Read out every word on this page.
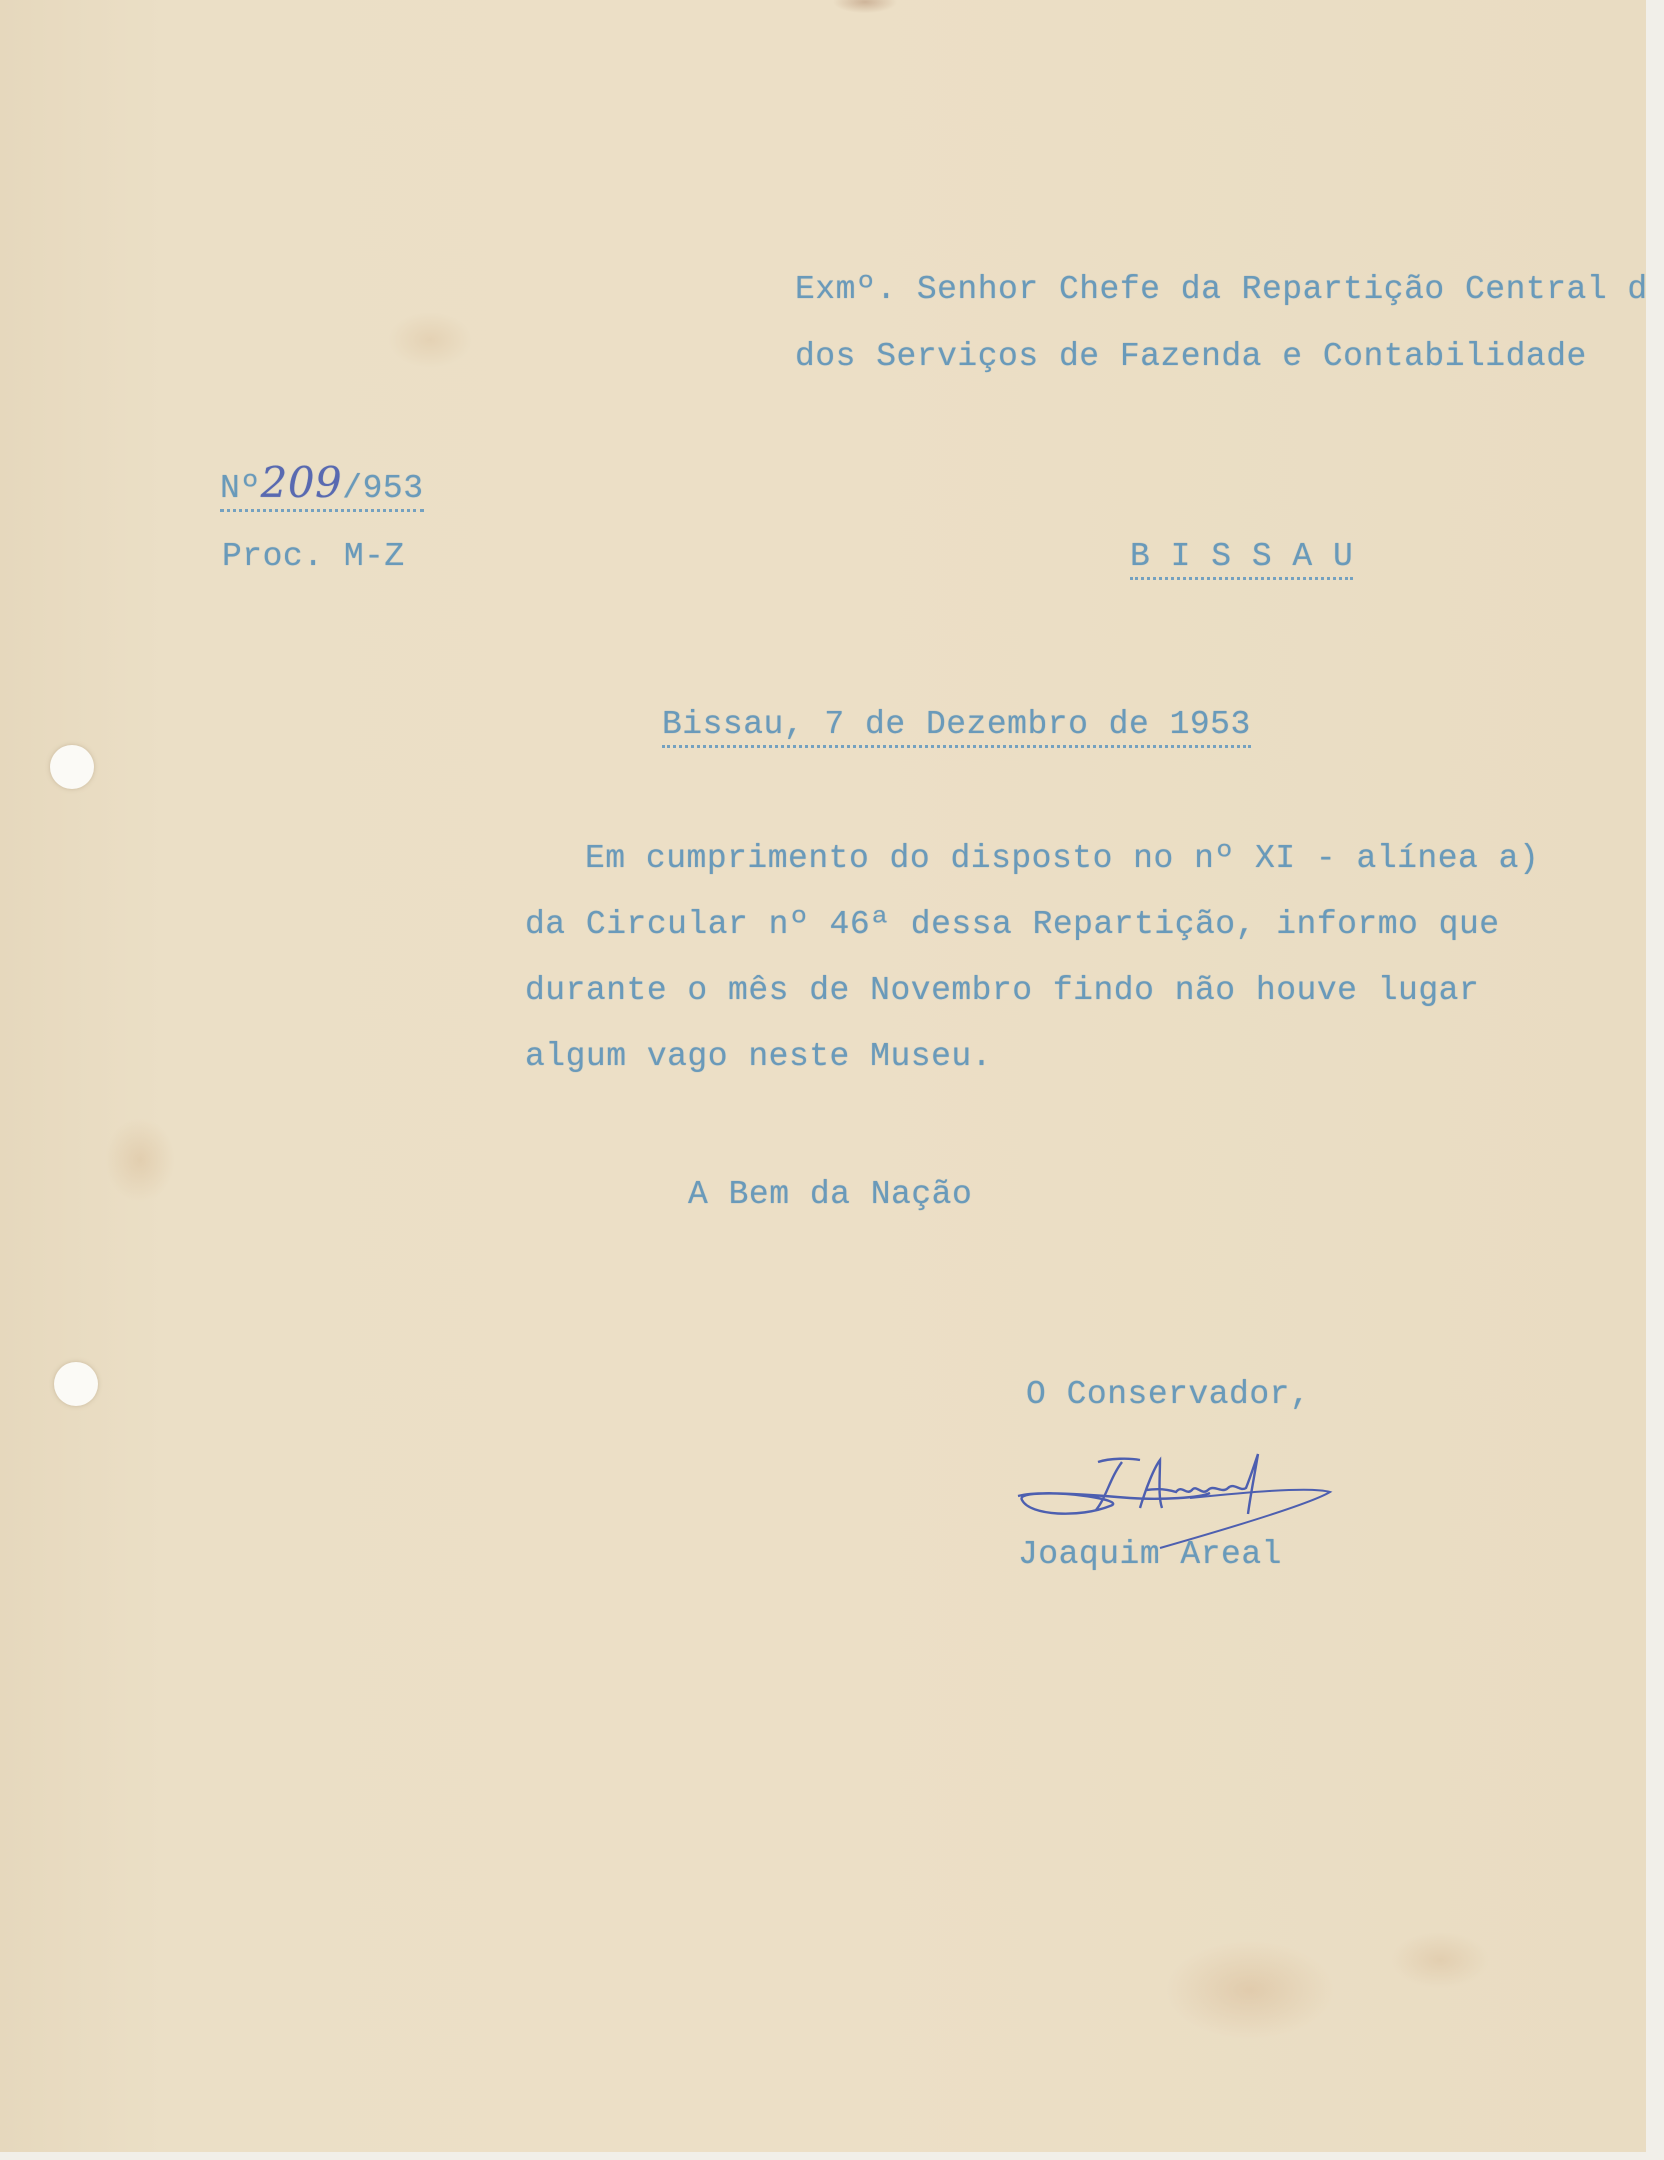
Exmº. Senhor Chefe da Repartição Central d
dos Serviços de Fazenda e Contabilidade
Nº 209 /953
Proc. M-Z	B I S S A U
Bissau, 7 de Dezembro de 1953
Em cumprimento do disposto no nº XI - alínea a)
da Circular nº 46ª dessa Repartição, informo que
durante o mês de Novembro findo não houve lugar
algum vago neste Museu.
A Bem da Nação
O Conservador,
Joaquim Areal
